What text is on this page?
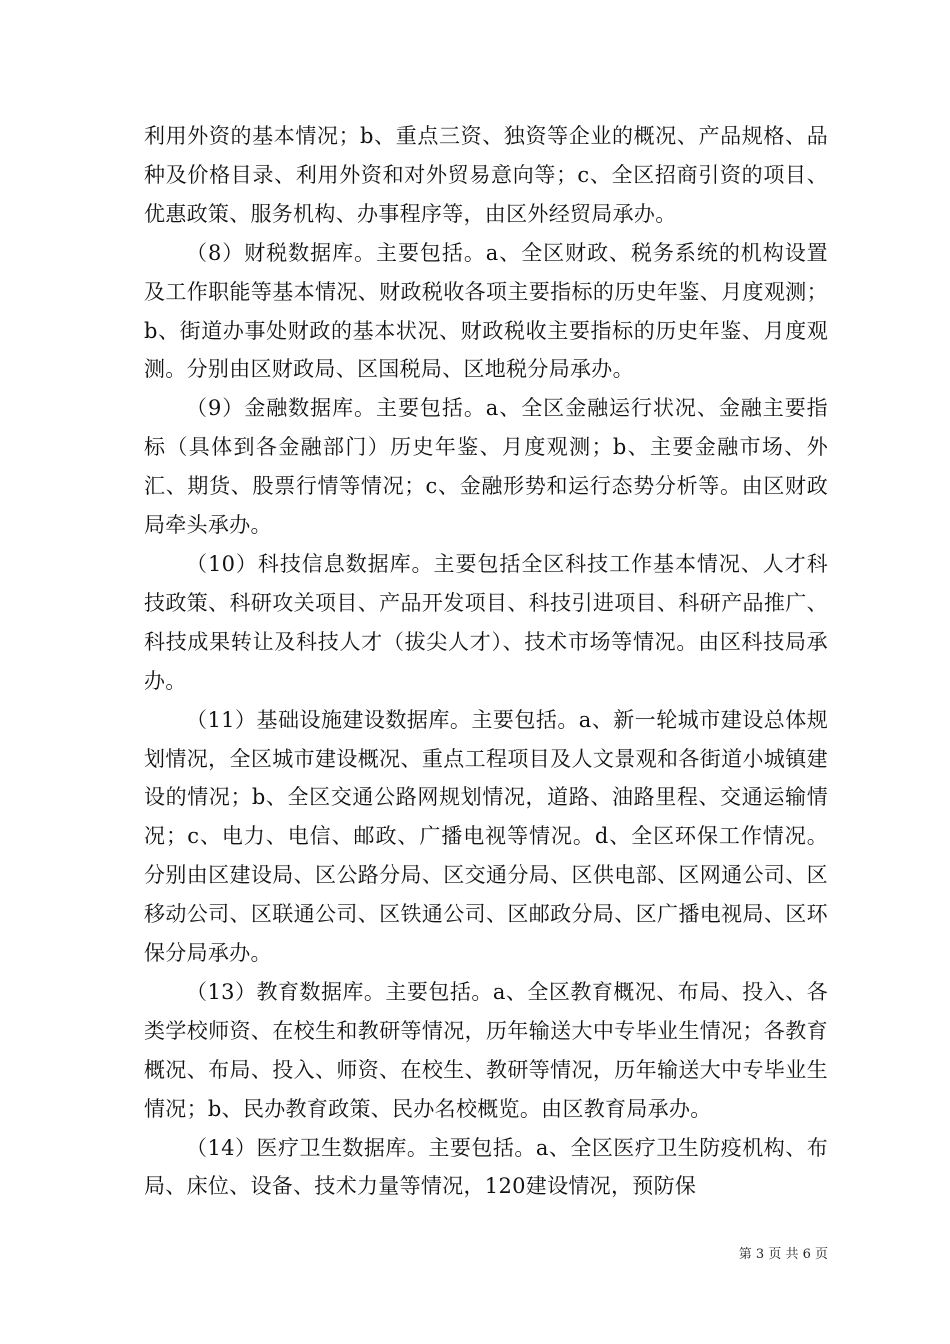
利用外资的基本情况；b、重点三资、独资等企业的概况、产品规格、品种及价格目录、利用外资和对外贸易意向等；c、全区招商引资的项目、优惠政策、服务机构、办事程序等，由区外经贸局承办。

（8）财税数据库。主要包括。a、全区财政、税务系统的机构设置及工作职能等基本情况、财政税收各项主要指标的历史年鉴、月度观测；b、街道办事处财政的基本状况、财政税收主要指标的历史年鉴、月度观测。分别由区财政局、区国税局、区地税分局承办。

（9）金融数据库。主要包括。a、全区金融运行状况、金融主要指标（具体到各金融部门）历史年鉴、月度观测；b、主要金融市场、外汇、期货、股票行情等情况；c、金融形势和运行态势分析等。由区财政局牵头承办。

（10）科技信息数据库。主要包括全区科技工作基本情况、人才科技政策、科研攻关项目、产品开发项目、科技引进项目、科研产品推广、科技成果转让及科技人才（拔尖人才）、技术市场等情况。由区科技局承办。

（11）基础设施建设数据库。主要包括。a、新一轮城市建设总体规划情况，全区城市建设概况、重点工程项目及人文景观和各街道小城镇建设的情况；b、全区交通公路网规划情况，道路、油路里程、交通运输情况；c、电力、电信、邮政、广播电视等情况。d、全区环保工作情况。分别由区建设局、区公路分局、区交通分局、区供电部、区网通公司、区移动公司、区联通公司、区铁通公司、区邮政分局、区广播电视局、区环保分局承办。

（13）教育数据库。主要包括。a、全区教育概况、布局、投入、各类学校师资、在校生和教研等情况，历年输送大中专毕业生情况；各教育概况、布局、投入、师资、在校生、教研等情况，历年输送大中专毕业生情况；b、民办教育政策、民办名校概览。由区教育局承办。

（14）医疗卫生数据库。主要包括。a、全区医疗卫生防疫机构、布局、床位、设备、技术力量等情况，120建设情况，预防保

第 3 页 共 6 页
